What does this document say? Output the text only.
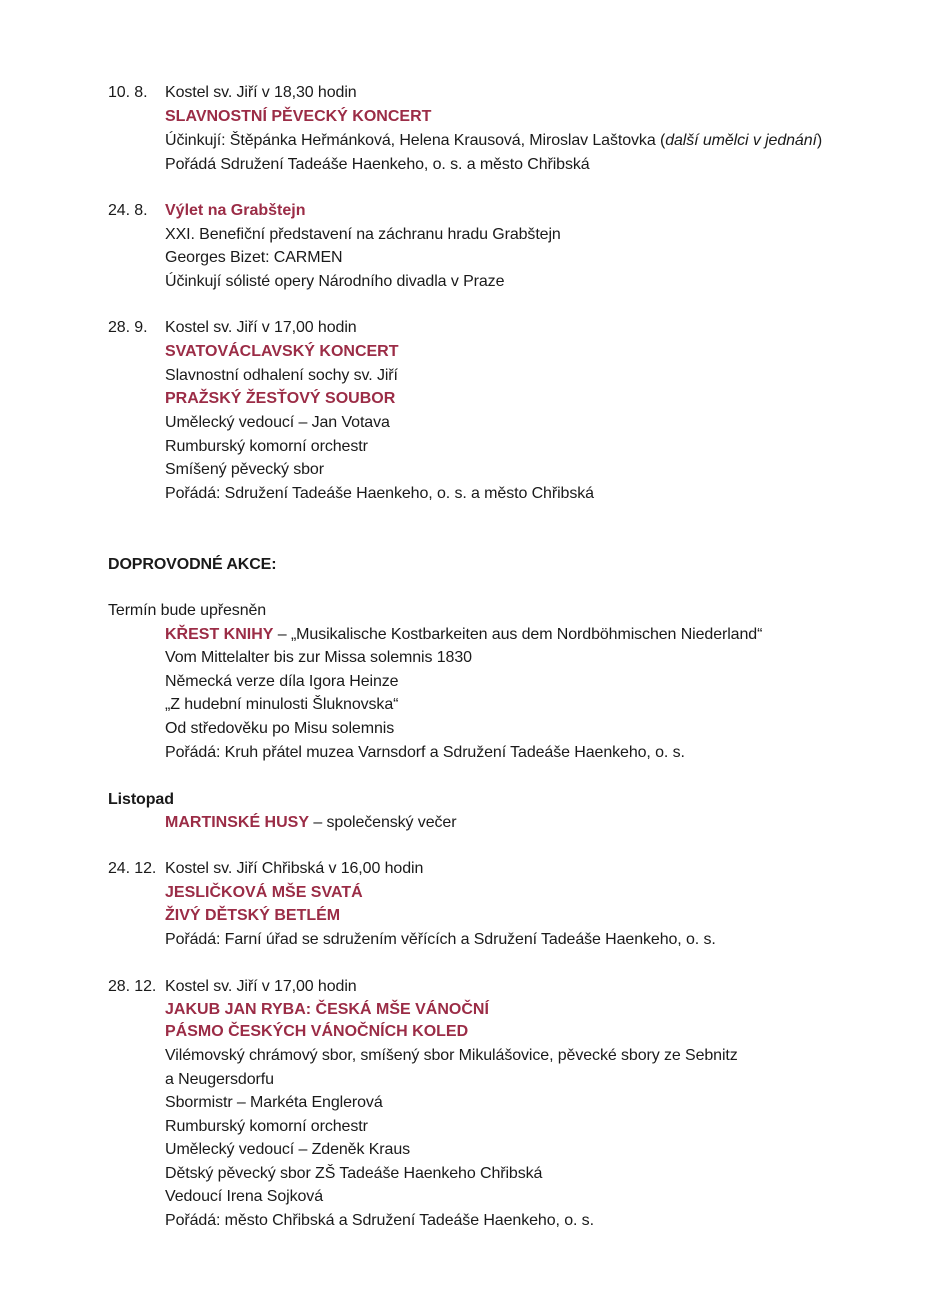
10. 8. Kostel sv. Jiří v 18,30 hodin
SLAVNOSTNÍ PĚVECKÝ KONCERT
Účinkují: Štěpánka Heřmánková, Helena Krausová, Miroslav Laštovka (další umělci v jednání)
Pořádá Sdružení Tadeáše Haenkeho, o. s. a město Chřibská
24. 8. Výlet na Grabštejn
XXI. Benefiční představení na záchranu hradu Grabštejn
Georges Bizet: CARMEN
Účinkují sólisté opery Národního divadla v Praze
28. 9. Kostel sv. Jiří v 17,00 hodin
SVATOVÁCLAVSKÝ KONCERT
Slavnostní odhalení sochy sv. Jiří
PRAŽSKÝ ŽESŤOVÝ SOUBOR
Umělecký vedoucí – Jan Votava
Rumburský komorní orchestr
Smíšený pěvecký sbor
Pořádá: Sdružení Tadeáše Haenkeho, o. s. a město Chřibská
DOPROVODNÉ AKCE:
Termín bude upřesněn
KŘEST KNIHY – „Musikalische Kostbarkeiten aus dem Nordböhmischen Niederland“
Vom Mittelalter bis zur Missa solemnis 1830
Německá verze díla Igora Heinze
„Z hudební minulosti Šluknovska“
Od středověku po Misu solemnis
Pořádá: Kruh přátel muzea Varnsdorf a Sdružení Tadeáše Haenkeho, o. s.
Listopad
MARTINSKÉ HUSY – společenský večer
24. 12. Kostel sv. Jiří Chřibská v 16,00 hodin
JESLIČKOVÁ MŠE SVATÁ
ŽIVÝ DĚTSKÝ BETLÉM
Pořádá: Farní úřad se sdružením věřících a Sdružení Tadeáše Haenkeho, o. s.
28. 12. Kostel sv. Jiří v 17,00 hodin
JAKUB JAN RYBA: ČESKÁ MŠE VÁNOČNÍ
PÁSMO ČESKÝCH VÁNOČNÍCH KOLED
Vilémovský chrámový sbor, smíšený sbor Mikulášovice, pěvecké sbory ze Sebnitz
a Neugersdorfu
Sbormistr – Markéta Englerová
Rumburský komorní orchestr
Umělecký vedoucí – Zdeněk Kraus
Dětský pěvecký sbor ZŠ Tadeáše Haenkeho Chřibská
Vedoucí Irena Sojková
Pořádá: město Chřibská a Sdružení Tadeáše Haenkeho, o. s.
